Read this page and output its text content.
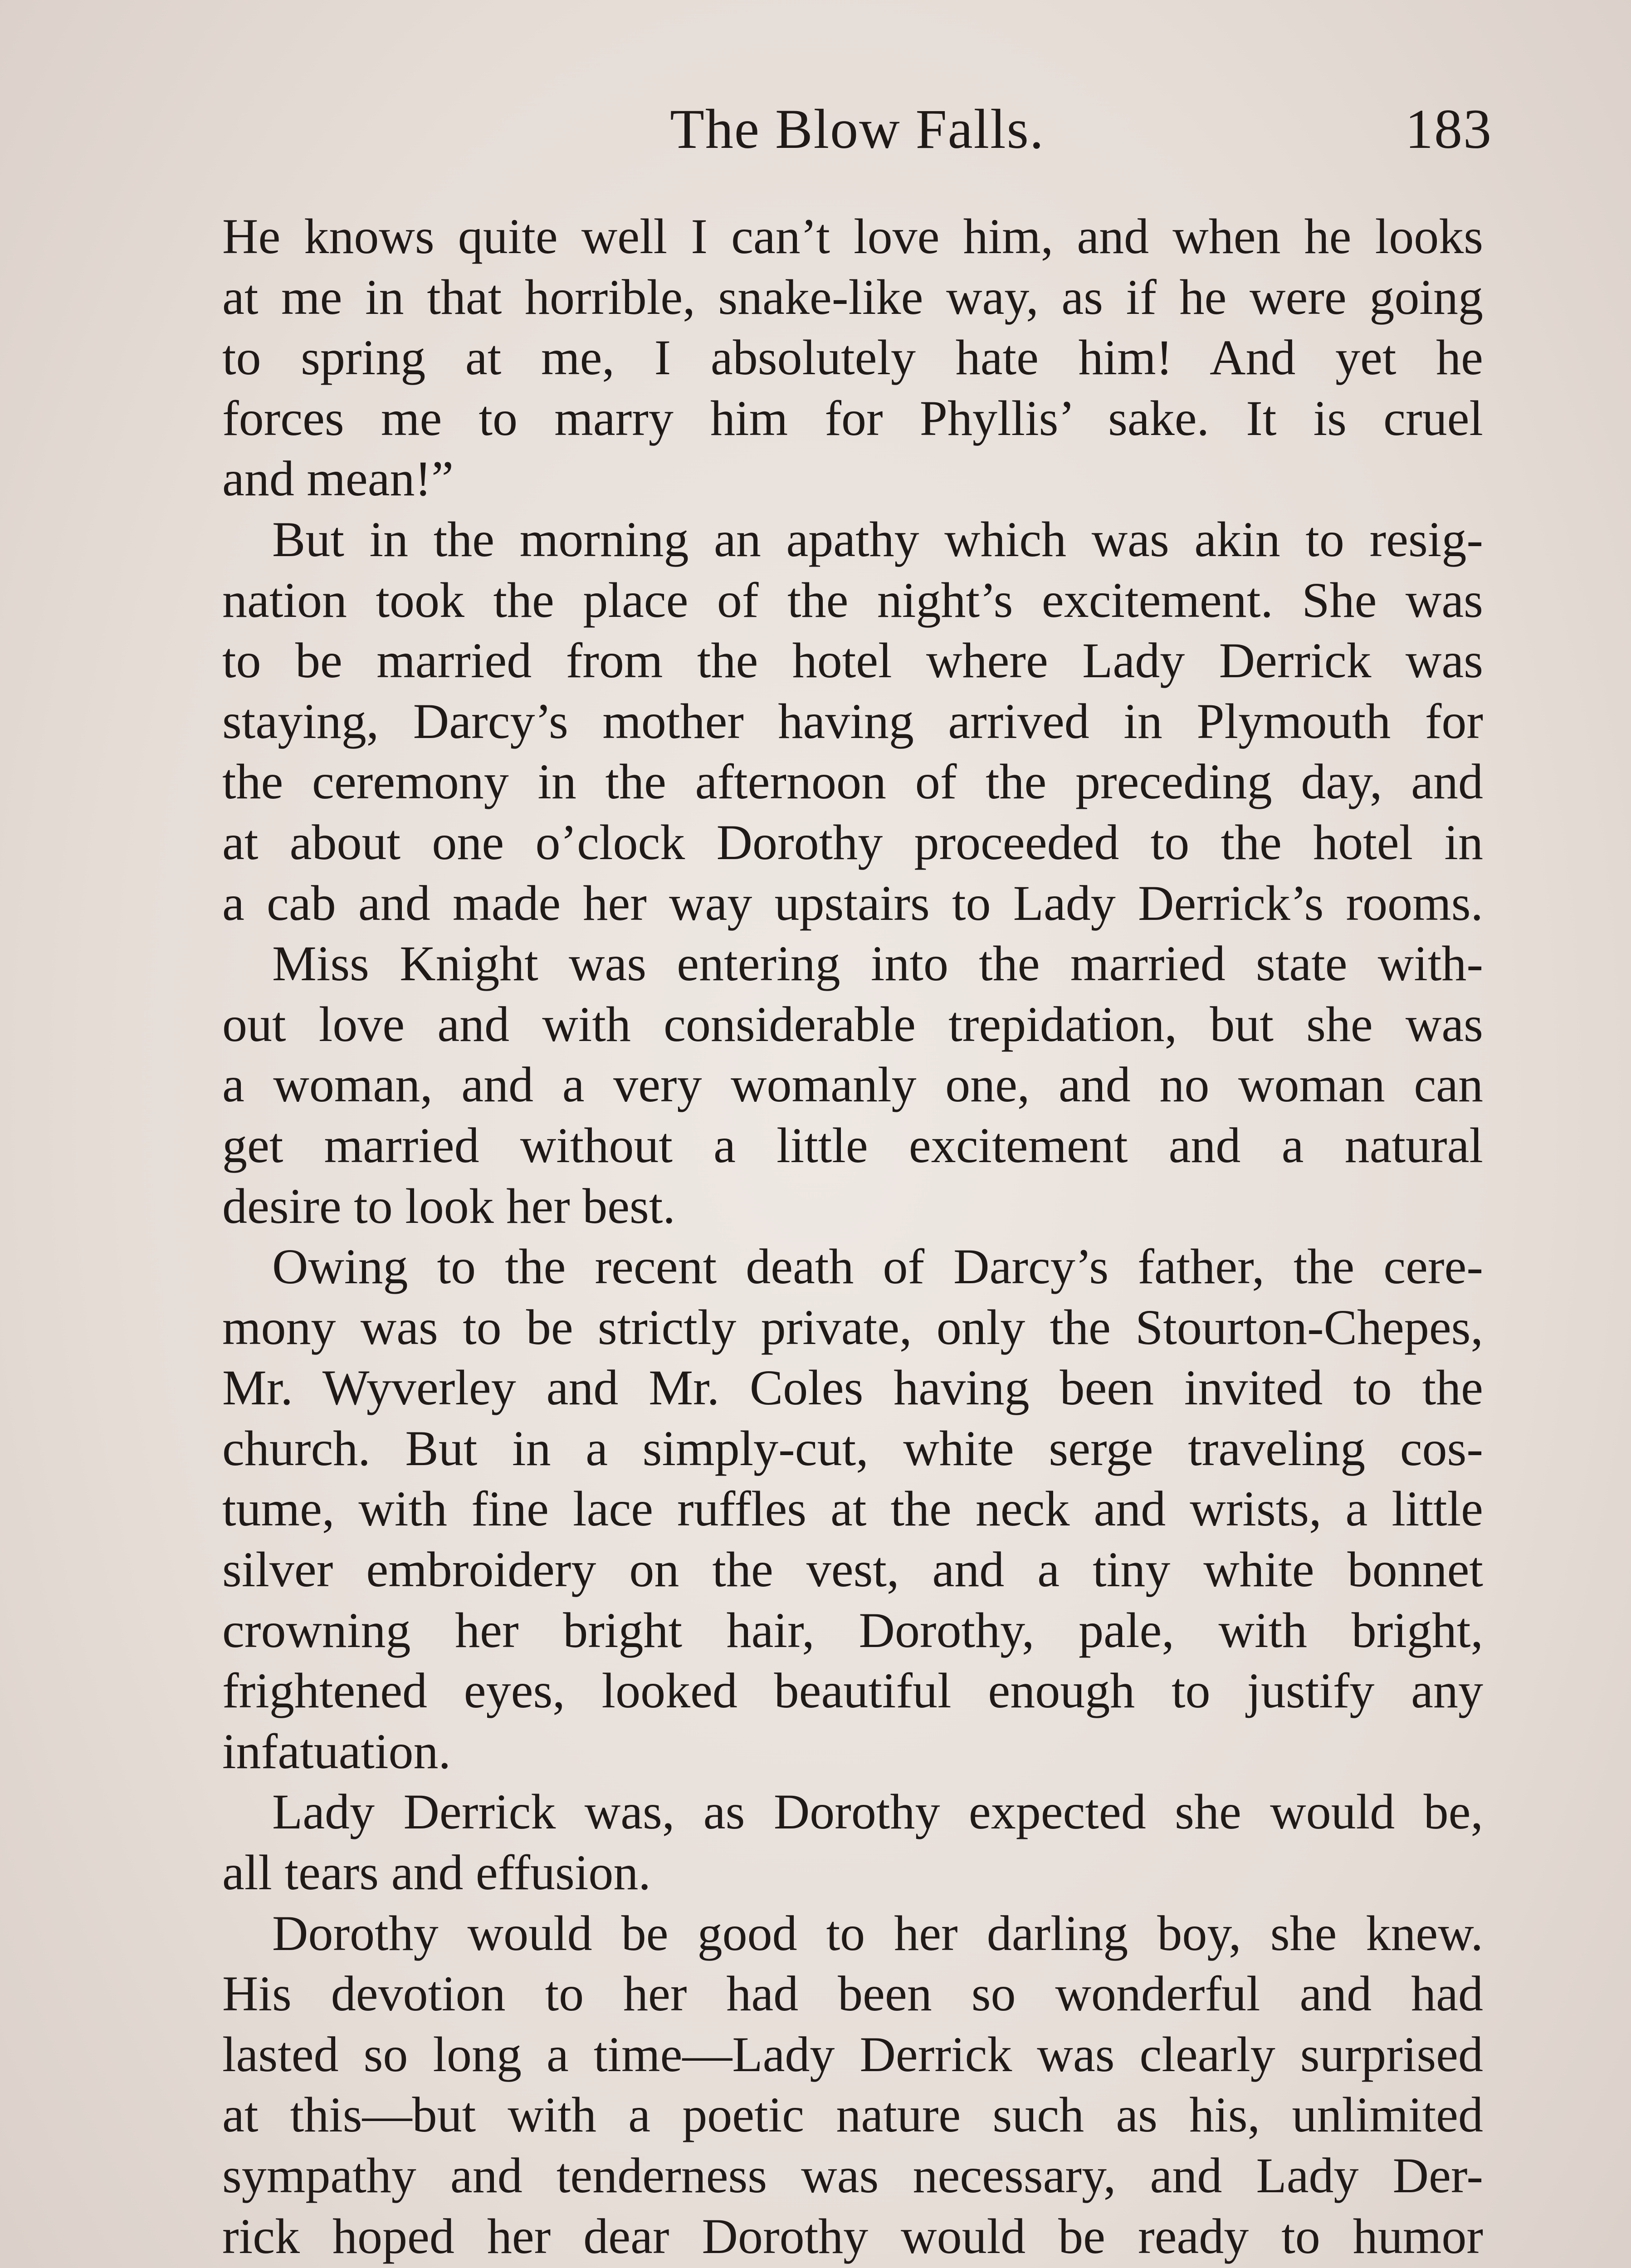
The Blow Falls.	183
He knows quite well I can’t love him, and when he looks
at me in that horrible, snake-like way, as if he were going
to spring at me, I absolutely hate him! And yet he
forces me to marry him for Phyllis’ sake. It is cruel
and mean!”
But in the morning an apathy which was akin to resig-
nation took the place of the night’s excitement. She was
to be married from the hotel where Lady Derrick was
staying, Darcy’s mother having arrived in Plymouth for
the ceremony in the afternoon of the preceding day, and
at about one o’clock Dorothy proceeded to the hotel in
a cab and made her way upstairs to Lady Derrick’s rooms.
Miss Knight was entering into the married state with-
out love and with considerable trepidation, but she was
a woman, and a very womanly one, and no woman can
get married without a little excitement and a natural
desire to look her best.
Owing to the recent death of Darcy’s father, the cere-
mony was to be strictly private, only the Stourton-Chepes,
Mr. Wyverley and Mr. Coles having been invited to the
church. But in a simply-cut, white serge traveling cos-
tume, with fine lace ruffles at the neck and wrists, a little
silver embroidery on the vest, and a tiny white bonnet
crowning her bright hair, Dorothy, pale, with bright,
frightened eyes, looked beautiful enough to justify any
infatuation.
Lady Derrick was, as Dorothy expected she would be,
all tears and effusion.
Dorothy would be good to her darling boy, she knew.
His devotion to her had been so wonderful and had
lasted so long a time—Lady Derrick was clearly surprised
at this—but with a poetic nature such as his, unlimited
sympathy and tenderness was necessary, and Lady Der-
rick hoped her dear Dorothy would be ready to humor
